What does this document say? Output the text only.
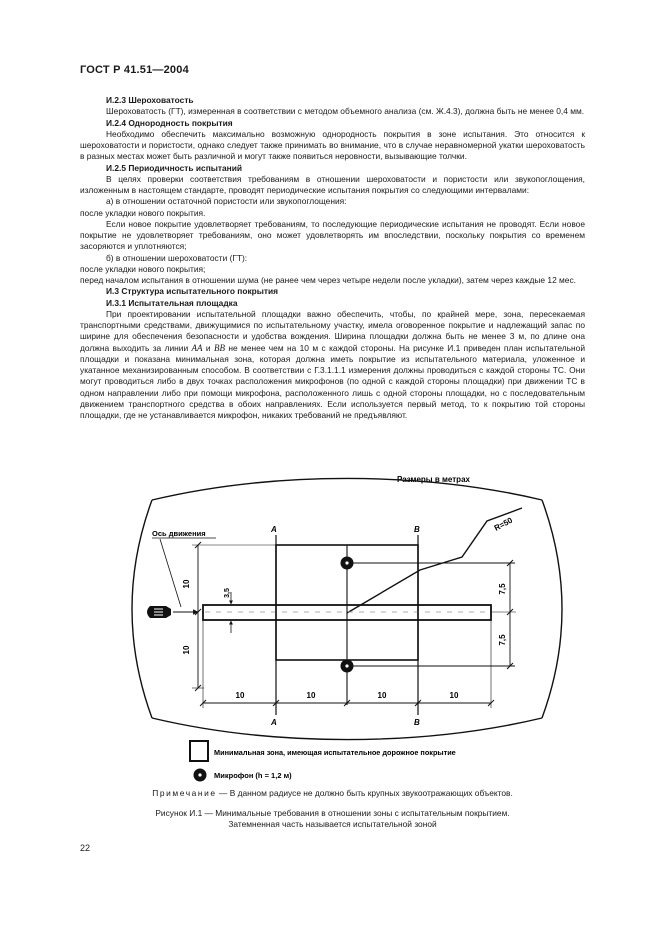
ГОСТ Р 41.51—2004

И.2.3 Шероховатость

Шероховатость (ГТ), измеренная в соответствии с методом объемного анализа (см. Ж.4.3), должна быть не менее 0,4 мм.

И.2.4 Однородность покрытия

Необходимо обеспечить максимально возможную однородность покрытия в зоне испытания. Это относится к шероховатости и пористости, однако следует также принимать во внимание, что в случае неравномерной укатки шероховатость в разных местах может быть различной и могут также появиться неровности, вызывающие толчки.

И.2.5 Периодичность испытаний

В целях проверки соответствия требованиям в отношении шероховатости и пористости или звукопоглощения, изложенным в настоящем стандарте, проводят периодические испытания покрытия со следующими интервалами:

а) в отношении остаточной пористости или звукопоглощения:

после укладки нового покрытия.

Если новое покрытие удовлетворяет требованиям, то последующие периодические испытания не проводят. Если новое покрытие не удовлетворяет требованиям, оно может удовлетворять им впоследствии, поскольку покрытия со временем засоряются и уплотняются;

б) в отношении шероховатости (ГТ):

после укладки нового покрытия;

перед началом испытания в отношении шума (не ранее чем через четыре недели после укладки), затем через каждые 12 мес.

И.3 Структура испытательного покрытия

И.3.1 Испытательная площадка

При проектировании испытательной площадки важно обеспечить, чтобы, по крайней мере, зона, пересекаемая транспортными средствами, движущимися по испытательному участку, имела оговоренное покрытие и надлежащий запас по ширине для обеспечения безопасности и удобства вождения. Ширина площадки должна быть не менее 3 м, по длине она должна выходить за линии АА и ВВ не менее чем на 10 м с каждой стороны. На рисунке И.1 приведен план испытательной площадки и показана минимальная зона, которая должна иметь покрытие из испытательного материала, уложенное и укатанное механизированным способом. В соответствии с Г.3.1.1.1 измерения должны проводиться с каждой стороны ТС. Они могут проводиться либо в двух точках расположения микрофонов (по одной с каждой стороны площадки) при движении ТС в одном направлении либо при помощи микрофона, расположенного лишь с одной стороны площадки, но с последовательным движением транспортного средства в обоих направлениях. Если используется первый метод, то к покрытию той стороны площадки, где не устанавливается микрофон, никаких требований не предъявляют.

Размеры в метрах
R=50
А	В
А	В
Ось движения
10
10
3,5	7,5
7,5
10	10	10	10
Минимальная зона, имеющая испытательное дорожное покрытие
Микрофон (h = 1,2 м)
Примечание — В данном радиусе не должно быть крупных звукоотражающих объектов.
Рисунок И.1 — Минимальные требования в отношении зоны с испытательным покрытием.
Затемненная часть называется испытательной зоной
22
